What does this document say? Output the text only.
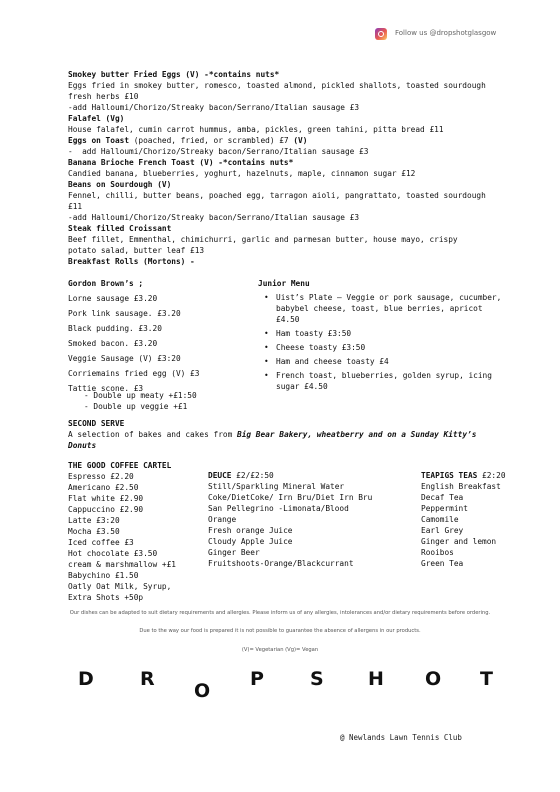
Follow us @dropshotglasgow
Smokey butter Fried Eggs (V) -*contains nuts*
Eggs fried in smokey butter, romesco, toasted almond, pickled shallots, toasted sourdough fresh herbs £10
-add Halloumi/Chorizo/Streaky bacon/Serrano/Italian sausage £3
Falafel (Vg)
House falafel, cumin carrot hummus, amba, pickles, green tahini, pitta bread £11
Eggs on Toast (poached, fried, or scrambled) £7 (V)
-  add Halloumi/Chorizo/Streaky bacon/Serrano/Italian sausage £3
Banana Brioche French Toast (V) -*contains nuts*
Candied banana, blueberries, yoghurt, hazelnuts, maple, cinnamon sugar £12
Beans on Sourdough (V)
Fennel, chilli, butter beans, poached egg, tarragon aioli, pangrattato, toasted sourdough £11
-add Halloumi/Chorizo/Streaky bacon/Serrano/Italian sausage £3
Steak filled Croissant
Beef fillet, Emmenthal, chimichurri, garlic and parmesan butter, house mayo, crispy potato salad, butter leaf £13
Breakfast Rolls (Mortons) -
Gordon Brown’s ;
Lorne sausage £3.20
Pork link sausage. £3.20
Black pudding. £3.20
Smoked bacon. £3.20
Veggie Sausage (V) £3:20
Corriemains fried egg (V) £3
Tattie scone. £3
- Double up meaty +£1:50
- Double up veggie +£1
Junior Menu
• Uist’s Plate – Veggie or pork sausage, cucumber, babybel cheese, toast, blue berries, apricot £4.50
• Ham toasty £3:50
• Cheese toasty £3:50
• Ham and cheese toasty £4
• French toast, blueberries, golden syrup, icing sugar £4.50
SECOND SERVE
A selection of bakes and cakes from Big Bear Bakery, wheatberry and on a Sunday Kitty’s Donuts
THE GOOD COFFEE CARTEL
Espresso £2.20
Americano £2.50
Flat white £2.90
Cappuccino £2.90
Latte £3:20
Mocha £3.50
Iced coffee £3
Hot chocolate £3.50
cream & marshmallow +£1
Babychino £1.50
Oatly Oat Milk, Syrup,
Extra Shots +50p
DEUCE £2/£2:50
Still/Sparkling Mineral Water
Coke/DietCoke/ Irn Bru/Diet Irn Bru
San Pellegrino -Limonata/Blood
Orange
Fresh orange Juice
Cloudy Apple Juice
Ginger Beer
Fruitshoots-Orange/Blackcurrant
TEAPIGS TEAS £2:20
English Breakfast
Decaf Tea
Peppermint
Camomile
Earl Grey
Ginger and lemon
Rooibos
Green Tea
Our dishes can be adapted to suit dietary requirements and allergies. Please inform us of any allergies, intolerances and/or dietary requirements before ordering.
Due to the way our food is prepared it is not possible to guarantee the absence of allergens in our products.
(V)= Vegetarian (Vg)= Vegan
D R
O
P S H O T
@ Newlands Lawn Tennis Club
